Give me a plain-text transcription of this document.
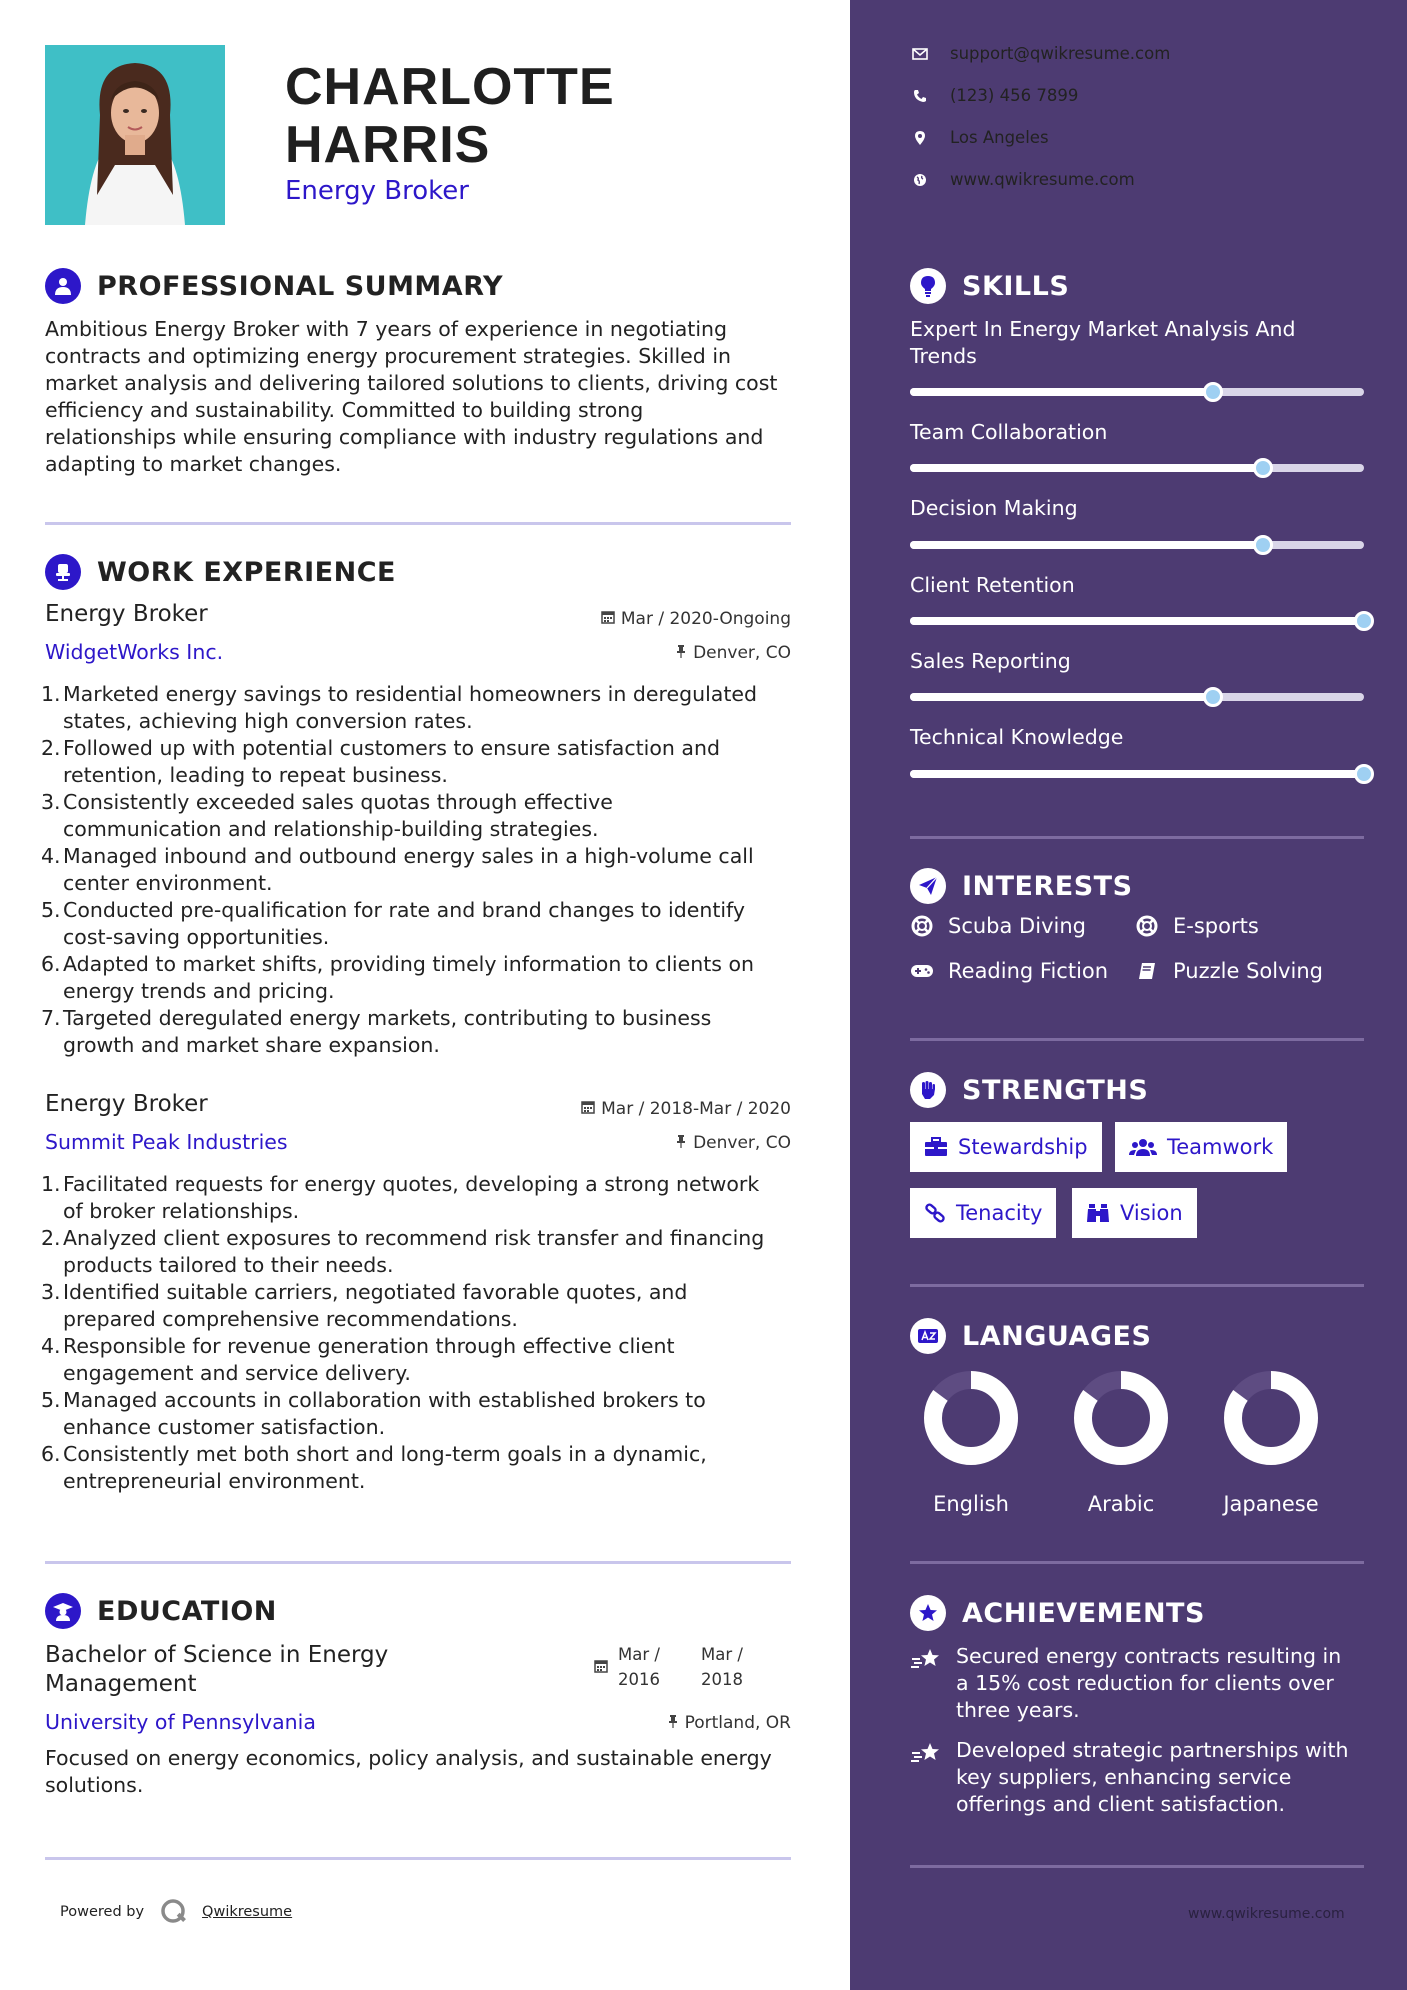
CHARLOTTE
HARRIS
Energy Broker
PROFESSIONAL SUMMARY
Ambitious Energy Broker with 7 years of experience in negotiating
contracts and optimizing energy procurement strategies. Skilled in
market analysis and delivering tailored solutions to clients, driving cost
efficiency and sustainability. Committed to building strong
relationships while ensuring compliance with industry regulations and
adapting to market changes.
WORK EXPERIENCE
Energy Broker	Mar / 2020-Ongoing
WidgetWorks Inc.	Denver, CO
1. Marketed energy savings to residential homeowners in deregulated
states, achieving high conversion rates.
2. Followed up with potential customers to ensure satisfaction and
retention, leading to repeat business.
3. Consistently exceeded sales quotas through effective
communication and relationship-building strategies.
4. Managed inbound and outbound energy sales in a high-volume call
center environment.
5. Conducted pre-qualification for rate and brand changes to identify
cost-saving opportunities.
6. Adapted to market shifts, providing timely information to clients on
energy trends and pricing.
7. Targeted deregulated energy markets, contributing to business
growth and market share expansion.
Energy Broker	Mar / 2018-Mar / 2020
Summit Peak Industries	Denver, CO
1. Facilitated requests for energy quotes, developing a strong network
of broker relationships.
2. Analyzed client exposures to recommend risk transfer and financing
products tailored to their needs.
3. Identified suitable carriers, negotiated favorable quotes, and
prepared comprehensive recommendations.
4. Responsible for revenue generation through effective client
engagement and service delivery.
5. Managed accounts in collaboration with established brokers to
enhance customer satisfaction.
6. Consistently met both short and long-term goals in a dynamic,
entrepreneurial environment.
EDUCATION
Bachelor of Science in Energy
Management
Mar /
2016
Mar /
2018
University of Pennsylvania	Portland, OR
Focused on energy economics, policy analysis, and sustainable energy
solutions.
Powered by	Qwikresume
support@qwikresume.com
(123) 456 7899
Los Angeles
www.qwikresume.com
SKILLS
Expert In Energy Market Analysis And
Trends
Team Collaboration
Decision Making
Client Retention
Sales Reporting
Technical Knowledge
INTERESTS
Scuba Diving	E-sports
Reading Fiction	Puzzle Solving
STRENGTHS
Stewardship	Teamwork
Tenacity	Vision
LANGUAGES
English	Arabic	Japanese
ACHIEVEMENTS
Secured energy contracts resulting in
a 15% cost reduction for clients over
three years.
Developed strategic partnerships with
key suppliers, enhancing service
offerings and client satisfaction.
www.qwikresume.com
